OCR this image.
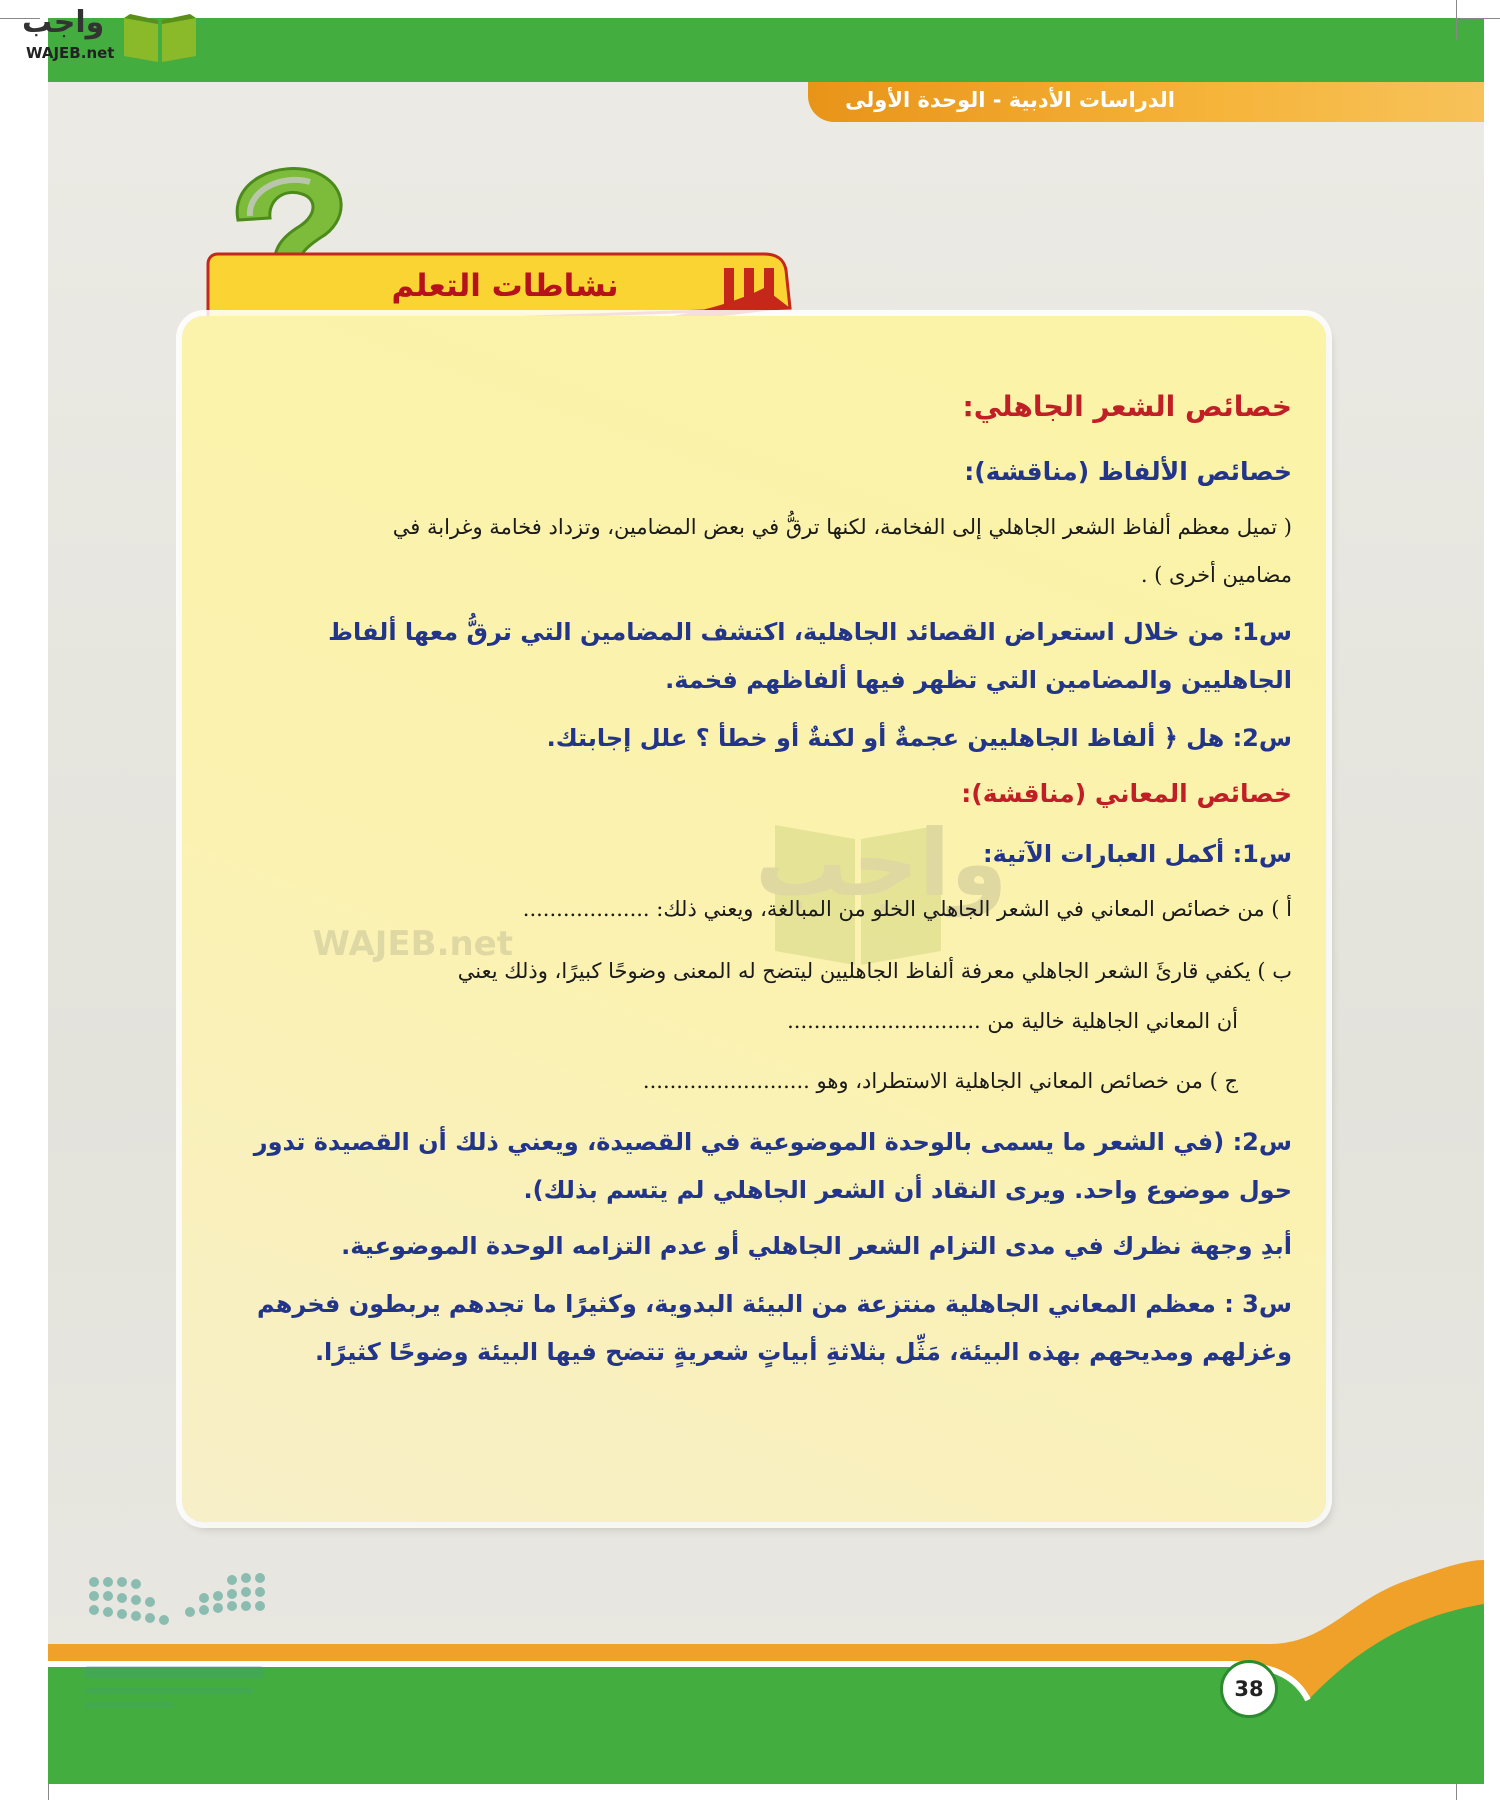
الدراسات الأدبية - الوحدة الأولى
واجب
WAJEB.net
نشاطات التعلم
واجب
WAJEB.net
خصائص الشعر الجاهلي:
خصائص الألفاظ (مناقشة):
( تميل معظم ألفاظ الشعر الجاهلي إلى الفخامة، لكنها ترقُّ في بعض المضامين، وتزداد فخامة وغرابة في
مضامين أخرى ) .
س1: من خلال استعراض القصائد الجاهلية، اكتشف المضامين التي ترقُّ معها ألفاظ
الجاهليين والمضامين التي تظهر فيها ألفاظهم فخمة.
س2: هل ﴿ ألفاظ الجاهليين عجمةٌ أو لكنةٌ أو خطأ ؟ علل إجابتك.
خصائص المعاني (مناقشة):
س1: أكمل العبارات الآتية:
أ ) من خصائص المعاني في الشعر الجاهلي الخلو من المبالغة، ويعني ذلك: ...................
ب ) يكفي قارئَ الشعر الجاهلي معرفة ألفاظ الجاهليين ليتضح له المعنى وضوحًا كبيرًا، وذلك يعني
أن المعاني الجاهلية خالية من .............................
ج ) من خصائص المعاني الجاهلية الاستطراد، وهو .........................
س2: (في الشعر ما يسمى بالوحدة الموضوعية في القصيدة، ويعني ذلك أن القصيدة تدور
حول موضوع واحد. ويرى النقاد أن الشعر الجاهلي لم يتسم بذلك).
أبدِ وجهة نظرك في مدى التزام الشعر الجاهلي أو عدم التزامه الوحدة الموضوعية.
س3 : معظم المعاني الجاهلية منتزعة من البيئة البدوية، وكثيرًا ما تجدهم يربطون فخرهم
وغزلهم ومديحهم بهذه البيئة، مَثِّل بثلاثةِ أبياتٍ شعريةٍ تتضح فيها البيئة وضوحًا كثيرًا.
38
